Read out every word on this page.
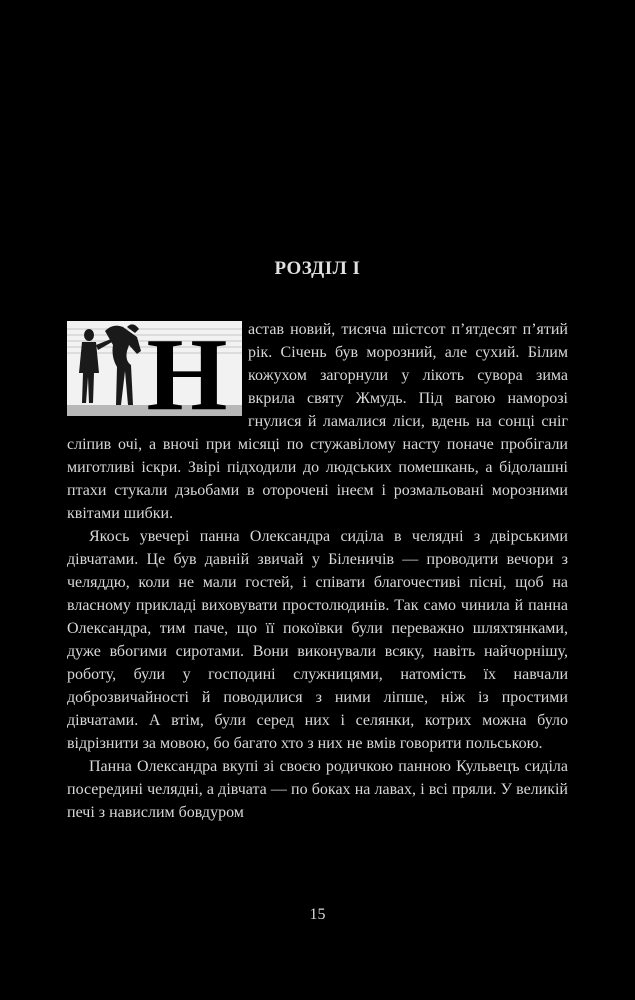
РОЗДІЛ І
Н	астав новий, тисяча шістсот п’ятдесят п’ятий рік. Січень був морозний, але сухий. Білим кожухом загорнули у лікоть сувора зима вкрила святу Жмудь. Під вагою наморозі гнулися й ламалися ліси, вдень на сонці сніг сліпив очі, а вночі при місяці по стужавілому насту поначе пробігали миготливі іскри. Звірі підходили до людських помешкань, а бідолашні птахи стукали дзьобами в оторочені інеєм і розмальовані морозними квітами шибки.

Якось увечері панна Олександра сиділа в челядні з двірськими дівчатами. Це був давній звичай у Біленичів — проводити вечори з челяддю, коли не мали гостей, і співати благочестиві пісні, щоб на власному прикладі виховувати простолюдинів. Так само чинила й панна Олександра, тим паче, що її покоївки були переважно шляхтянками, дуже вбогими сиротами. Вони виконували всяку, навіть найчорнішу, роботу, були у господині служницями, натомість їх навчали доброзвичайності й поводилися з ними ліпше, ніж із простими дівчатами. А втім, були серед них і селянки, котрих можна було відрізнити за мовою, бо багато хто з них не вмів говорити польською.

Панна Олександра вкупі зі своєю родичкою панною Кульвецъ сиділа посередині челядні, а дівчата — по боках на лавах, і всі пряли. У великій печі з навислим бовдуром

15
